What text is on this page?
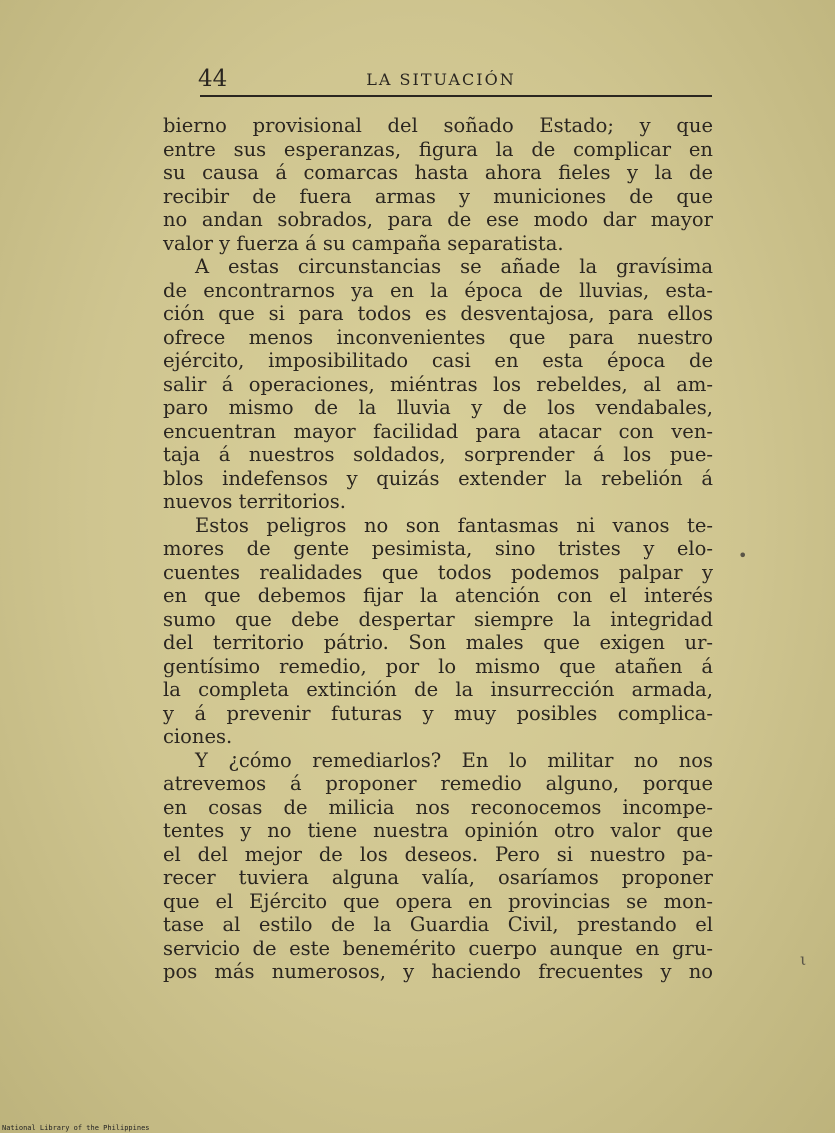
44	LA SITUACIÓN
bierno provisional del soñado Estado; y que
entre sus esperanzas, figura la de complicar en
su causa á comarcas hasta ahora fieles y la de
recibir de fuera armas y municiones de que
no andan sobrados, para de ese modo dar mayor
valor y fuerza á su campaña separatista.
A estas circunstancias se añade la gravísima
de encontrarnos ya en la época de lluvias, esta-
ción que si para todos es desventajosa, para ellos
ofrece menos inconvenientes que para nuestro
ejército, imposibilitado casi en esta época de
salir á operaciones, miéntras los rebeldes, al am-
paro mismo de la lluvia y de los vendabales,
encuentran mayor facilidad para atacar con ven-
taja á nuestros soldados, sorprender á los pue-
blos indefensos y quizás extender la rebelión á
nuevos territorios.
Estos peligros no son fantasmas ni vanos te-
mores de gente pesimista, sino tristes y elo-
cuentes realidades que todos podemos palpar y
en que debemos fijar la atención con el interés
sumo que debe despertar siempre la integridad
del territorio pátrio. Son males que exigen ur-
gentísimo remedio, por lo mismo que atañen á
la completa extinción de la insurrección armada,
y á prevenir futuras y muy posibles complica-
ciones.
Y ¿cómo remediarlos? En lo militar no nos
atrevemos á proponer remedio alguno, porque
en cosas de milicia nos reconocemos incompe-
tentes y no tiene nuestra opinión otro valor que
el del mejor de los deseos. Pero si nuestro pa-
recer tuviera alguna valía, osaríamos proponer
que el Ejército que opera en provincias se mon-
tase al estilo de la Guardia Civil, prestando el
servicio de este benemérito cuerpo aunque en gru-
pos más numerosos, y haciendo frecuentes y no
•
ι
National Library of the Philippines
